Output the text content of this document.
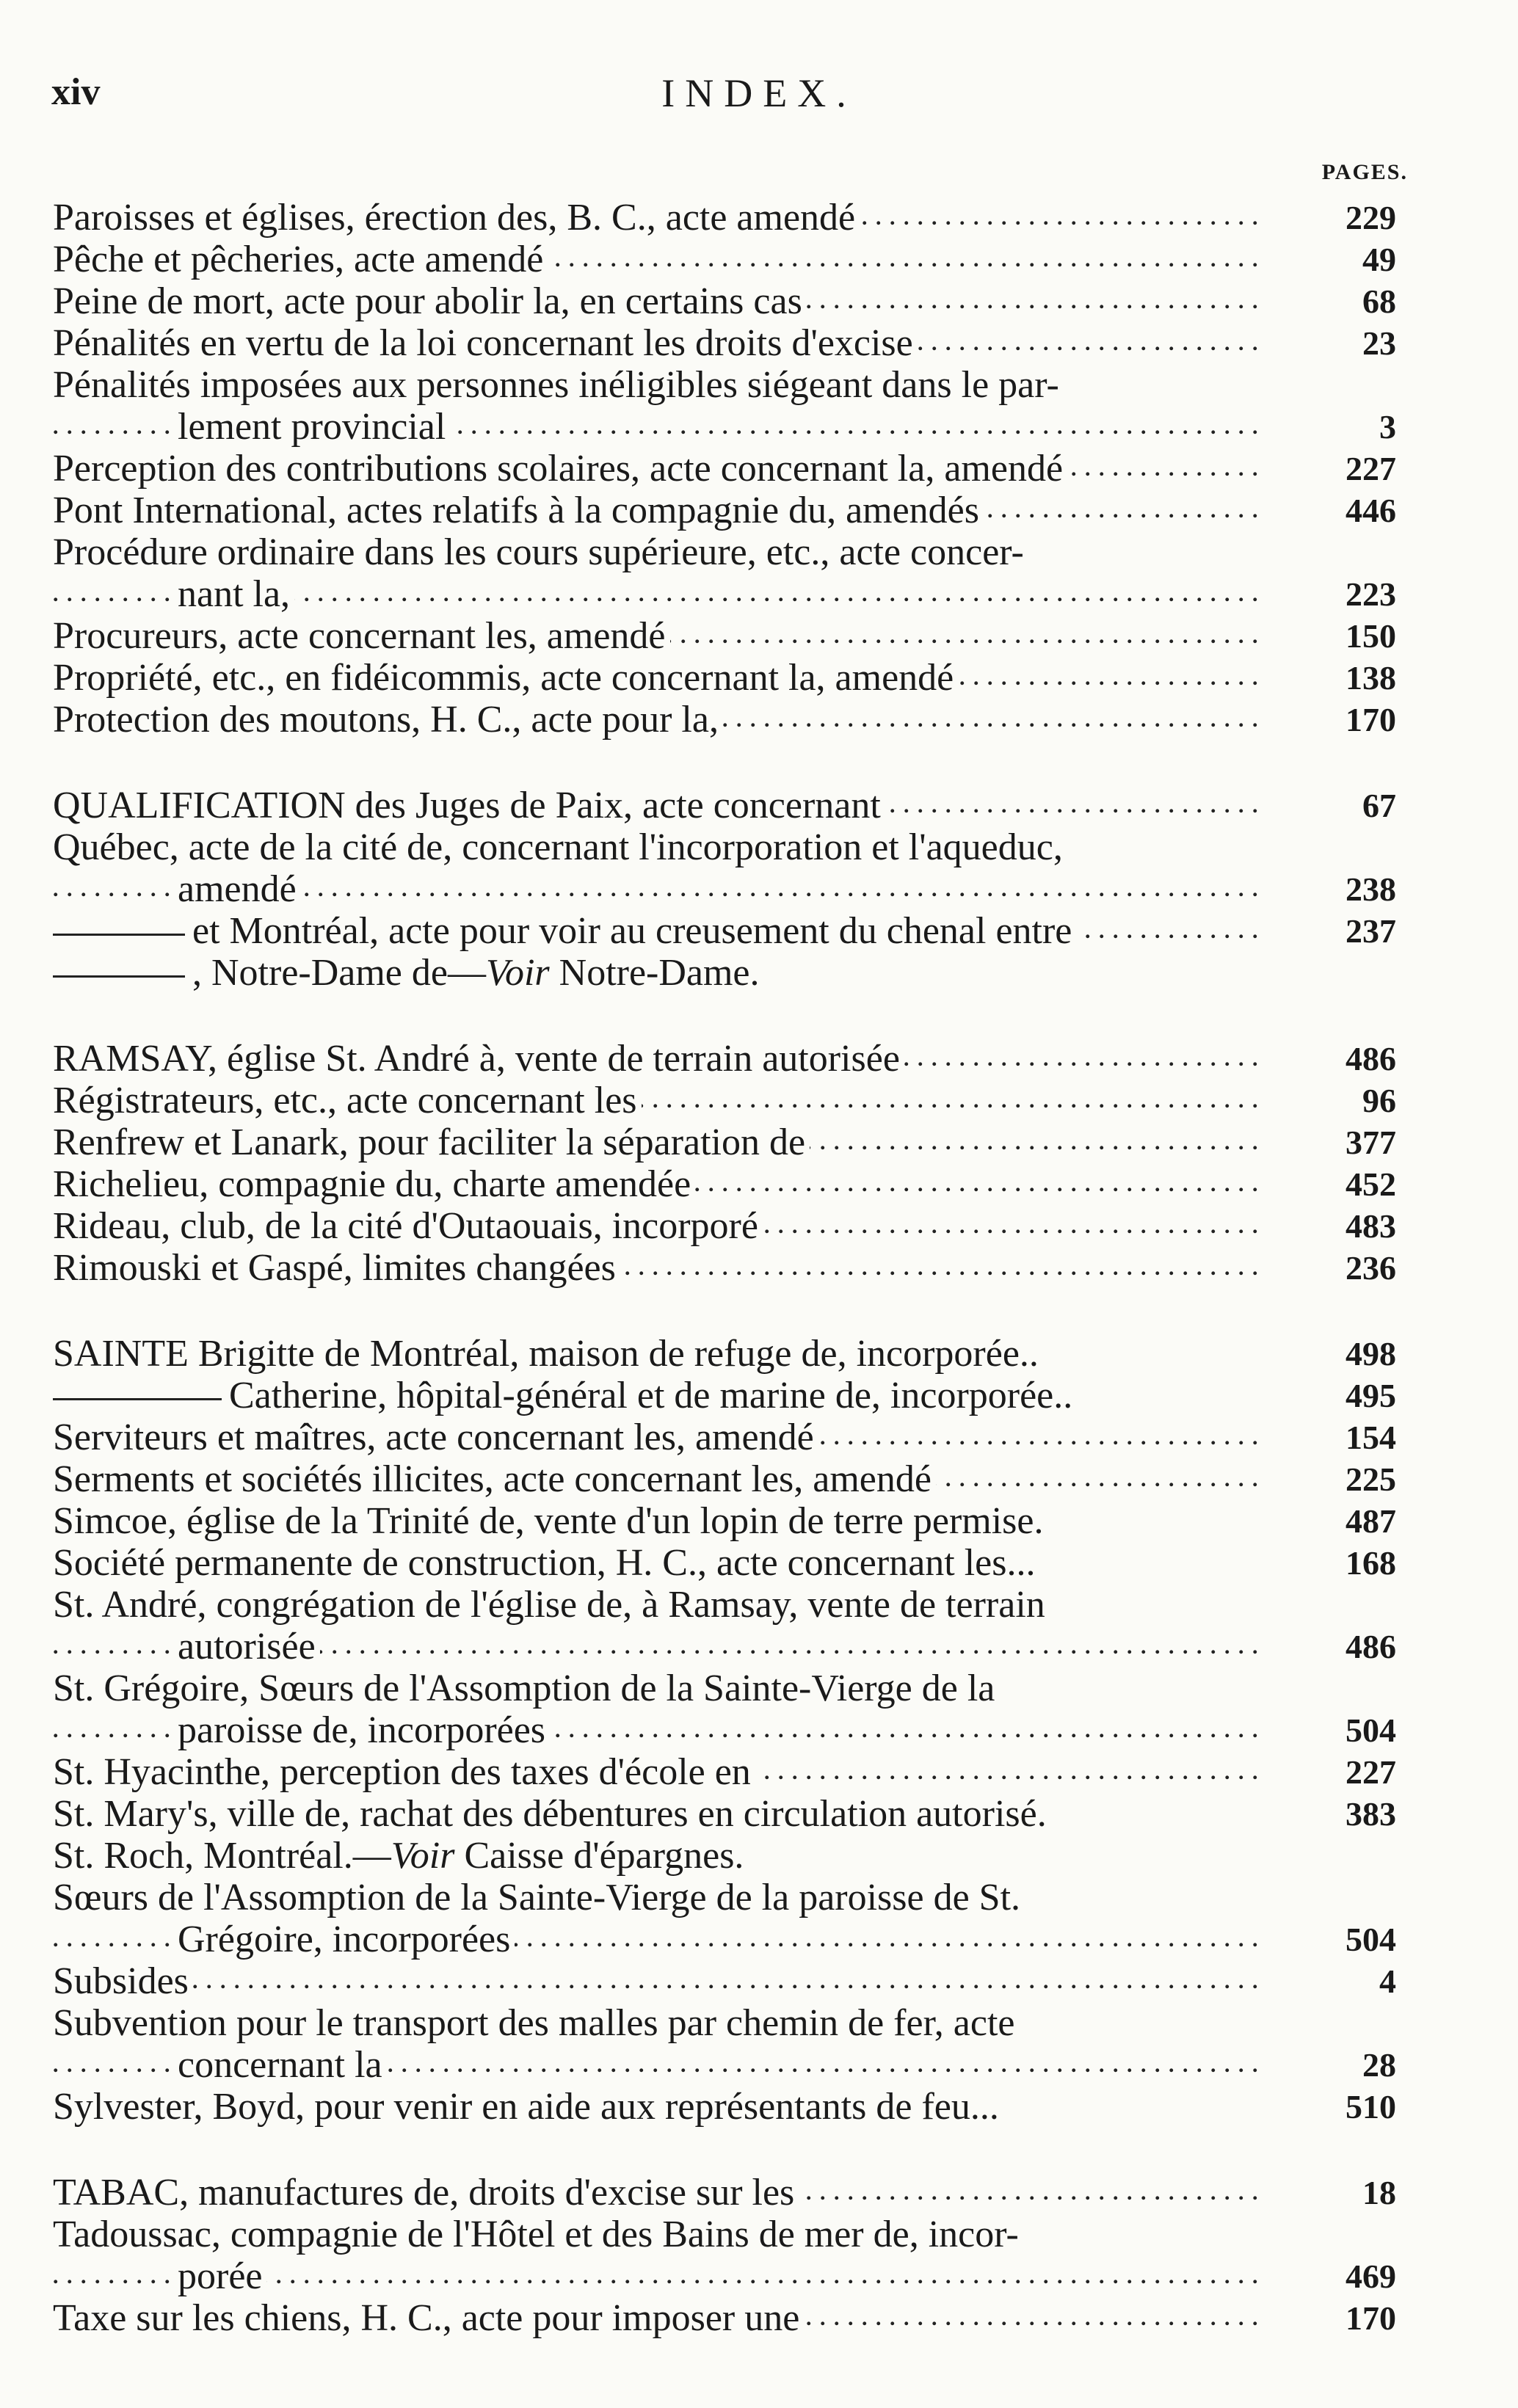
xiv	INDEX.
PAGES.
Paroisses et églises, érection des, B. C., acte amendé . . .	229
Pêche et pêcheries, acte amendé . . .	49
Peine de mort, acte pour abolir la, en certains cas . . .	68
Pénalités en vertu de la loi concernant les droits d'excise . . .	23
Pénalités imposées aux personnes inéligibles siégeant dans le par-
lement provincial . . .	3
Perception des contributions scolaires, acte concernant la, amendé . . .	227
Pont International, actes relatifs à la compagnie du, amendés . . .	446
Procédure ordinaire dans les cours supérieure, etc., acte concer-
nant la, . . .	223
Procureurs, acte concernant les, amendé . . .	150
Propriété, etc., en fidéicommis, acte concernant la, amendé . . .	138
Protection des moutons, H. C., acte pour la, . . .	170
QUALIFICATION des Juges de Paix, acte concernant . . .	67
Québec, acte de la cité de, concernant l'incorporation et l'aqueduc,
amendé . . .	238
et Montréal, acte pour voir au creusement du chenal entre . . .	237
, Notre-Dame de—Voir Notre-Dame.
RAMSAY, église St. André à, vente de terrain autorisée . . .	486
Régistrateurs, etc., acte concernant les . . .	96
Renfrew et Lanark, pour faciliter la séparation de . . .	377
Richelieu, compagnie du, charte amendée . . .	452
Rideau, club, de la cité d'Outaouais, incorporé . . .	483
Rimouski et Gaspé, limites changées . . .	236
SAINTE Brigitte de Montréal, maison de refuge de, incorporée..	498
Catherine, hôpital-général et de marine de, incorporée..	495
Serviteurs et maîtres, acte concernant les, amendé . . .	154
Serments et sociétés illicites, acte concernant les, amendé . . .	225
Simcoe, église de la Trinité de, vente d'un lopin de terre permise.	487
Société permanente de construction, H. C., acte concernant les...	168
St. André, congrégation de l'église de, à Ramsay, vente de terrain
autorisée . . .	486
St. Grégoire, Sœurs de l'Assomption de la Sainte-Vierge de la
paroisse de, incorporées . . .	504
St. Hyacinthe, perception des taxes d'école en . . .	227
St. Mary's, ville de, rachat des débentures en circulation autorisé.	383
St. Roch, Montréal.—Voir Caisse d'épargnes.
Sœurs de l'Assomption de la Sainte-Vierge de la paroisse de St.
Grégoire, incorporées . . .	504
Subsides . . .	4
Subvention pour le transport des malles par chemin de fer, acte
concernant la . . .	28
Sylvester, Boyd, pour venir en aide aux représentants de feu...	510
TABAC, manufactures de, droits d'excise sur les . . .	18
Tadoussac, compagnie de l'Hôtel et des Bains de mer de, incor-
porée . . .	469
Taxe sur les chiens, H. C., acte pour imposer une . . .	170
